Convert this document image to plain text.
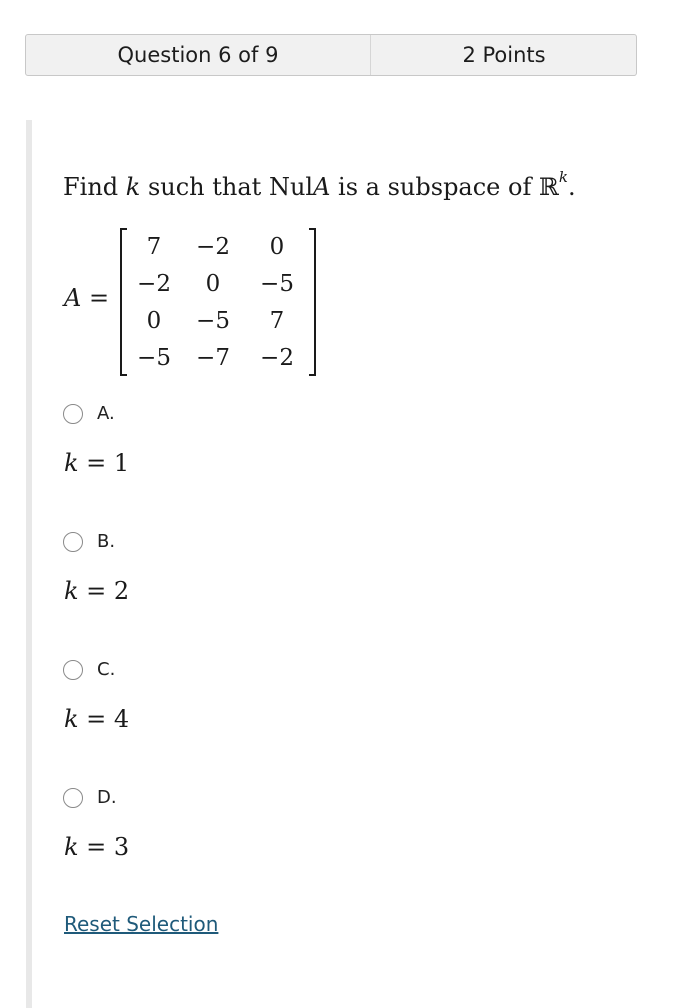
Question 6 of 9	2 Points
Find k such that NulA is a subspace of ℝ$^k$.
A =
7	−2	0
−2	0	−5
0	−5	7
−5	−7	−2
A.
k = 1
B.
k = 2
C.
k = 4
D.
k = 3
Reset Selection
